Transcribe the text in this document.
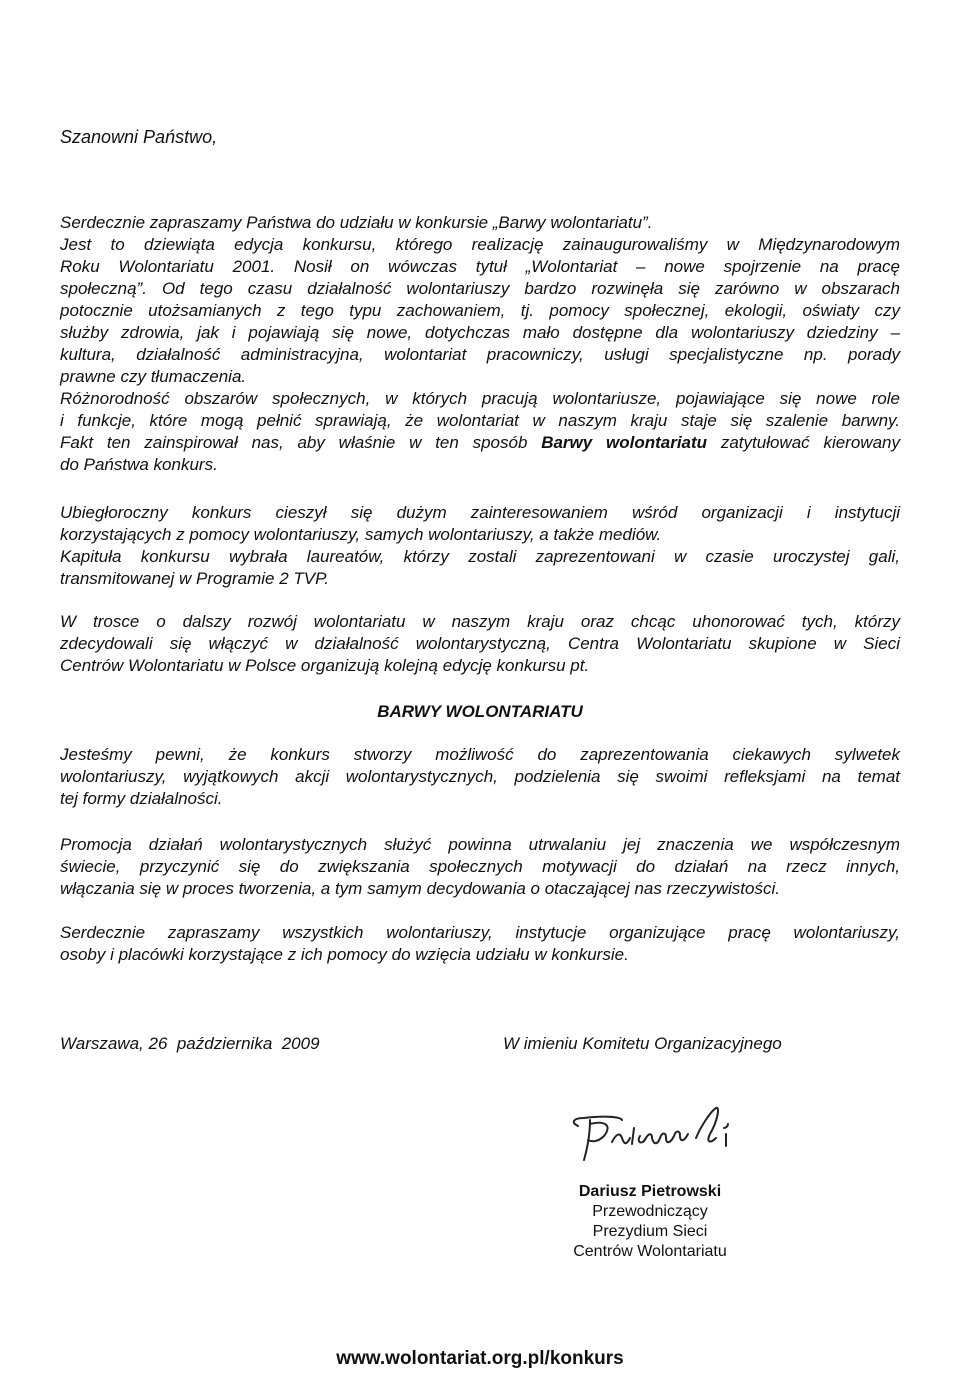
Szanowni Państwo,
Serdecznie zapraszamy Państwa do udziału w konkursie „Barwy wolontariatu”.
Jest to dziewiąta edycja konkursu, którego realizację zainaugurowaliśmy w Międzynarodowym
Roku Wolontariatu 2001. Nosił on wówczas tytuł „Wolontariat – nowe spojrzenie na pracę
społeczną”. Od tego czasu działalność wolontariuszy bardzo rozwinęła się zarówno w obszarach
potocznie utożsamianych z tego typu zachowaniem, tj. pomocy społecznej, ekologii, oświaty czy
służby zdrowia, jak i pojawiają się nowe, dotychczas mało dostępne dla wolontariuszy dziedziny –
kultura, działalność administracyjna, wolontariat pracowniczy, usługi specjalistyczne np. porady
prawne czy tłumaczenia.
Różnorodność obszarów społecznych, w których pracują wolontariusze, pojawiające się nowe role
i funkcje, które mogą pełnić sprawiają, że wolontariat w naszym kraju staje się szalenie barwny.
Fakt ten zainspirował nas, aby właśnie w ten sposób Barwy wolontariatu zatytułować kierowany
do Państwa konkurs.
Ubiegłoroczny konkurs cieszył się dużym zainteresowaniem wśród organizacji i instytucji
korzystających z pomocy wolontariuszy, samych wolontariuszy, a także mediów.
Kapituła konkursu wybrała laureatów, którzy zostali zaprezentowani w czasie uroczystej gali,
transmitowanej w Programie 2 TVP.
W trosce o dalszy rozwój wolontariatu w naszym kraju oraz chcąc uhonorować tych, którzy
zdecydowali się włączyć w działalność wolontarystyczną, Centra Wolontariatu skupione w Sieci
Centrów Wolontariatu w Polsce organizują kolejną edycję konkursu pt.
BARWY WOLONTARIATU
Jesteśmy pewni, że konkurs stworzy możliwość do zaprezentowania ciekawych sylwetek
wolontariuszy, wyjątkowych akcji wolontarystycznych, podzielenia się swoimi refleksjami na temat
tej formy działalności.
Promocja działań wolontarystycznych służyć powinna utrwalaniu jej znaczenia we współczesnym
świecie, przyczynić się do zwiększania społecznych motywacji do działań na rzecz innych,
włączania się w proces tworzenia, a tym samym decydowania o otaczającej nas rzeczywistości.
Serdecznie zapraszamy wszystkich wolontariuszy, instytucje organizujące pracę wolontariuszy,
osoby i placówki korzystające z ich pomocy do wzięcia udziału w konkursie.
Warszawa, 26  października  2009	W imieniu Komitetu Organizacyjnego
Dariusz Pietrowski
Przewodniczący
Prezydium Sieci
Centrów Wolontariatu
www.wolontariat.org.pl/konkurs
